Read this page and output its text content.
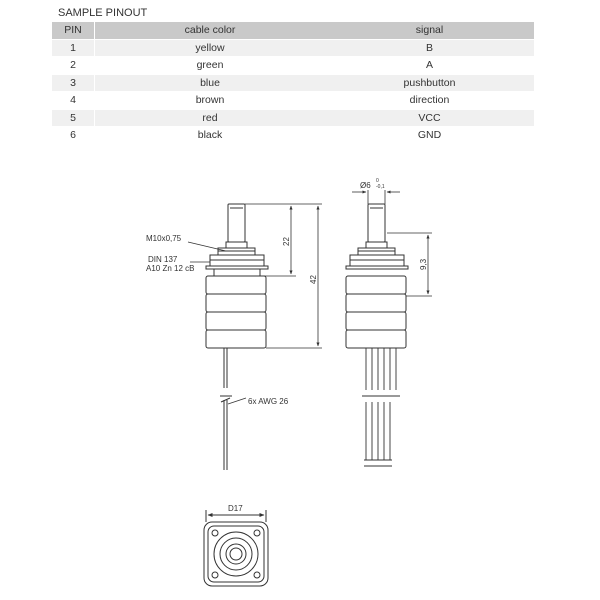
SAMPLE PINOUT
PIN	cable color	signal
1	yellow	B
2	green	A
3	blue	pushbutton
4	brown	direction
5	red	VCC
6	black	GND
M10x0,75
DIN 137
A10 Zn 12 cB
6x AWG 26
22
42
Ø6 0
-0,1
9,3
D17
